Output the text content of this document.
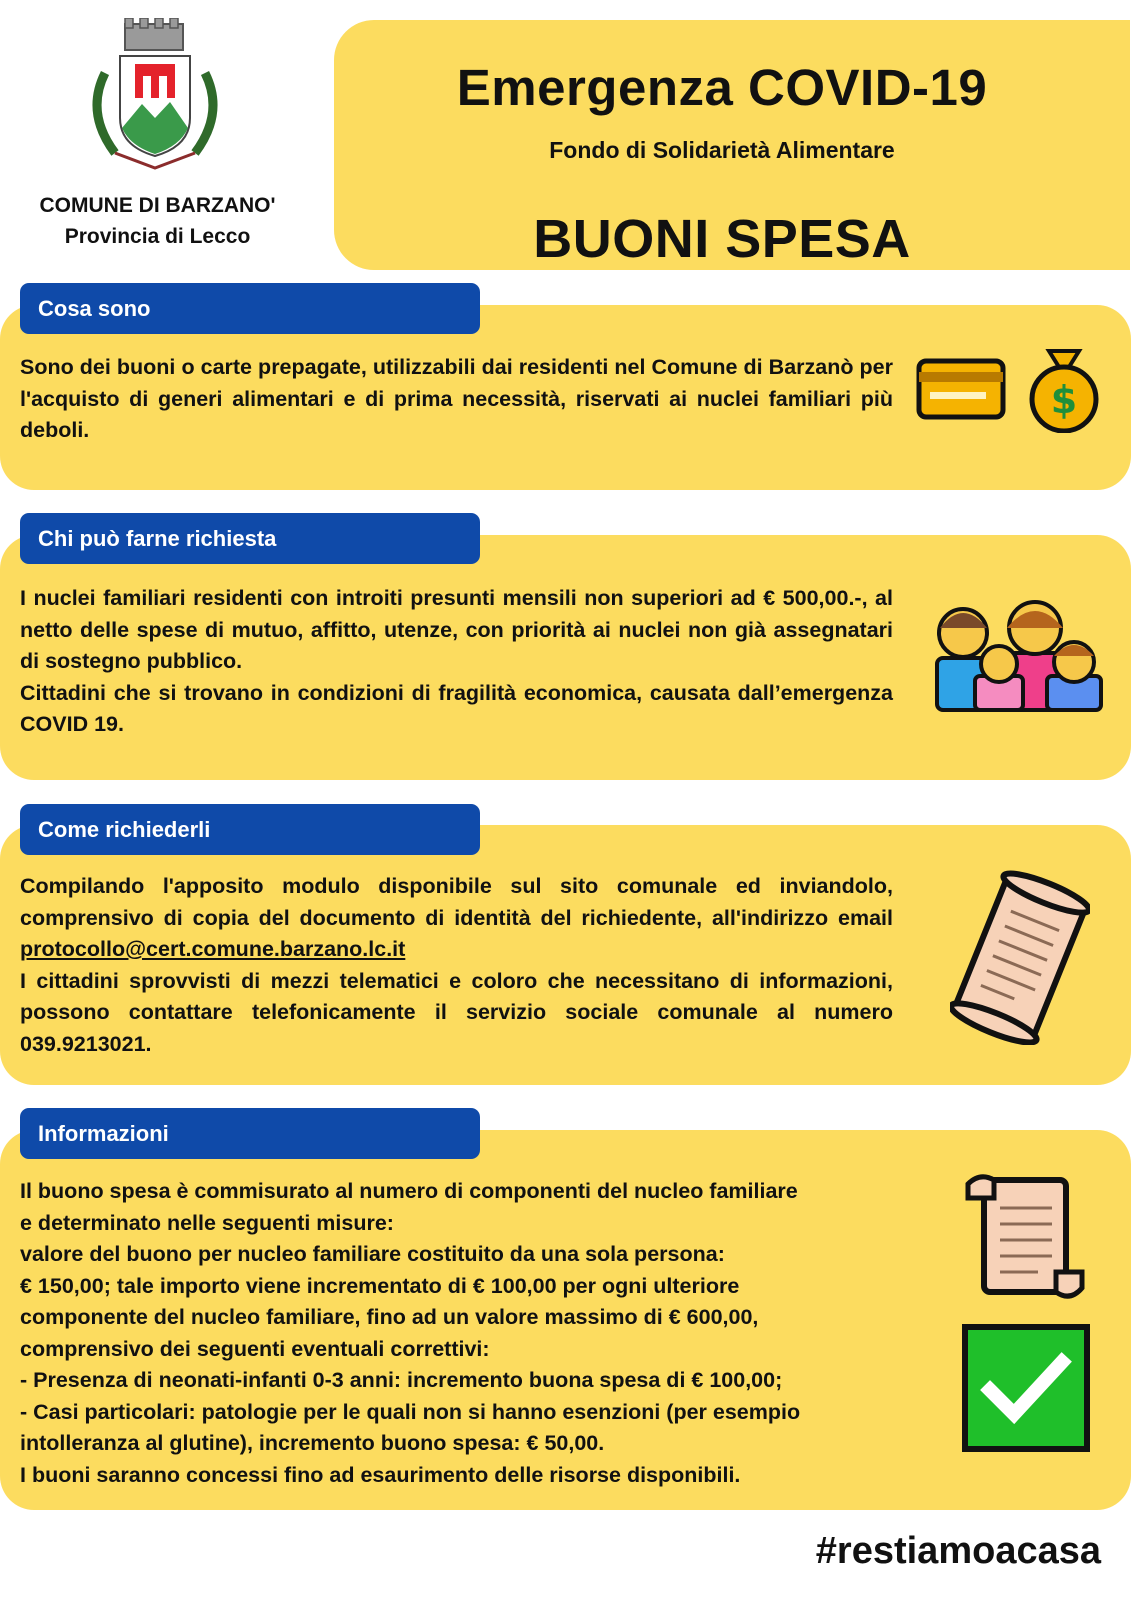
COMUNE DI BARZANO'
Provincia di Lecco
Emergenza COVID-19
Fondo di Solidarietà Alimentare
BUONI SPESA
Cosa sono

Sono dei buoni o carte prepagate, utilizzabili dai residenti nel Comune di Barzanò per l'acquisto di generi alimentari e di prima necessità, riservati ai nuclei familiari più deboli.

$
Chi può farne richiesta

I nuclei familiari residenti con introiti presunti mensili non superiori ad € 500,00.-, al netto delle spese di mutuo, affitto, utenze, con priorità ai nuclei non già assegnatari di sostegno pubblico.

Cittadini che si trovano in condizioni di fragilità economica, causata dall’emergenza COVID 19.

Come richiederli

Compilando l'apposito modulo disponibile sul sito comunale ed inviandolo, comprensivo di copia del documento di identità del richiedente, all'indirizzo email protocollo@cert.comune.barzano.lc.it

I cittadini sprovvisti di mezzi telematici e coloro che necessitano di informazioni, possono contattare telefonicamente il servizio sociale comunale al numero 039.9213021.

Informazioni

Il buono spesa è commisurato al numero di componenti del nucleo familiare

e determinato nelle seguenti misure:

valore del buono per nucleo familiare costituito da una sola persona:

€ 150,00; tale importo viene incrementato di € 100,00 per ogni ulteriore

componente del nucleo familiare, fino ad un valore massimo di € 600,00,

comprensivo dei seguenti eventuali correttivi:

- Presenza di neonati-infanti 0-3 anni: incremento buona spesa di € 100,00;

- Casi particolari: patologie per le quali non si hanno esenzioni (per esempio

intolleranza al glutine), incremento buono spesa: € 50,00.

I buoni saranno concessi fino ad esaurimento delle risorse disponibili.

#restiamoacasa
